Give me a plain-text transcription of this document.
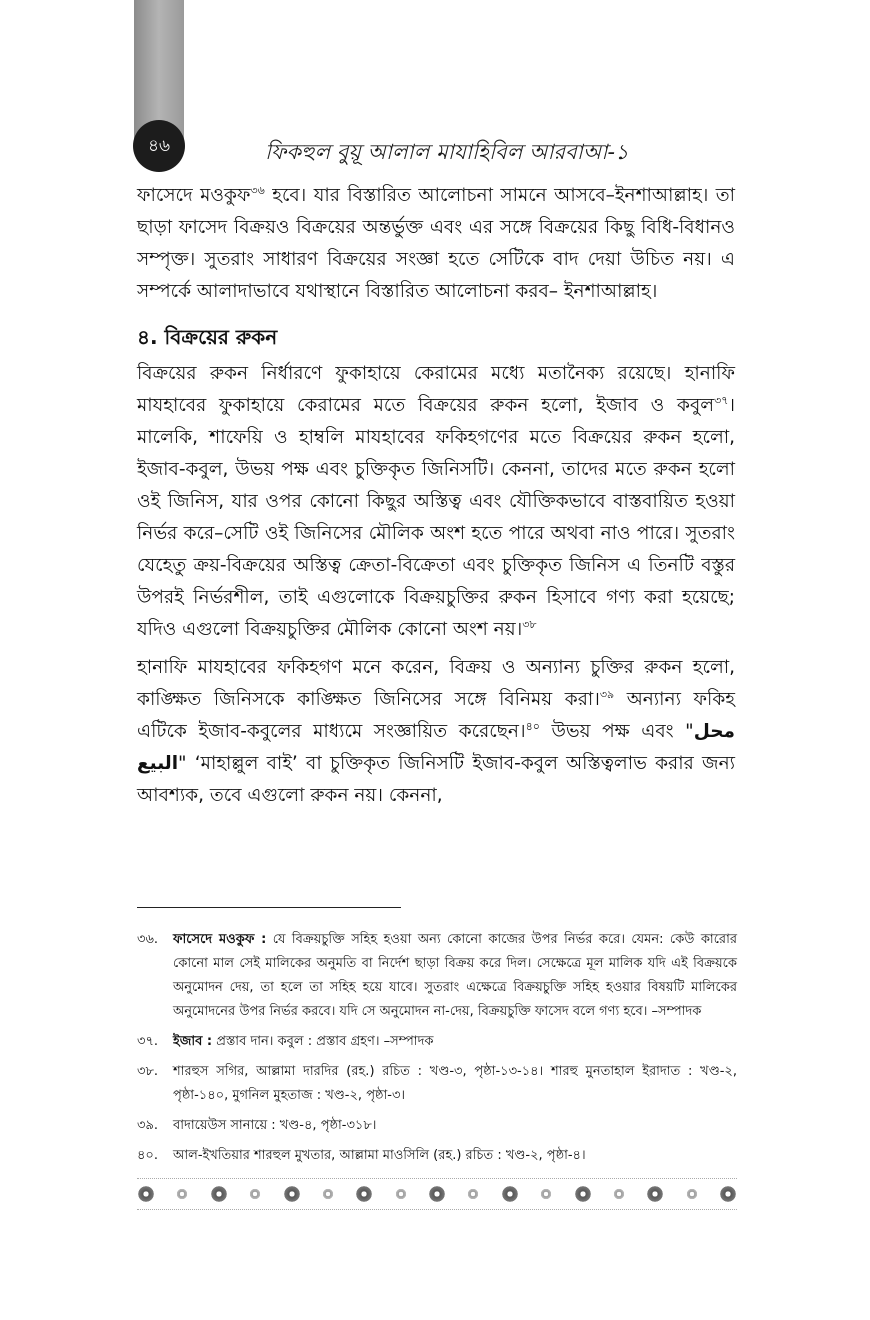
৪৬	ফিকহুল বুয়ূ আলাল মাযাহিবিল আরবাআ-১

ফাসেদে মওকুফ$^{৩৬}$ হবে। যার বিস্তারিত আলোচনা সামনে আসবে–ইনশাআল্লাহ। তা ছাড়া ফাসেদ বিক্রয়ও বিক্রয়ের অন্তর্ভুক্ত এবং এর সঙ্গে বিক্রয়ের কিছু বিধি-বিধানও সম্পৃক্ত। সুতরাং সাধারণ বিক্রয়ের সংজ্ঞা হতে সেটিকে বাদ দেয়া উচিত নয়। এ সম্পর্কে আলাদাভাবে যথাস্থানে বিস্তারিত আলোচনা করব– ইনশাআল্লাহ।

৪. বিক্রয়ের রুকন

বিক্রয়ের রুকন নির্ধারণে ফুকাহায়ে কেরামের মধ্যে মতানৈক্য রয়েছে। হানাফি মাযহাবের ফুকাহায়ে কেরামের মতে বিক্রয়ের রুকন হলো, ইজাব ও কবুল$^{৩৭}$। মালেকি, শাফেয়ি ও হাম্বলি মাযহাবের ফকিহগণের মতে বিক্রয়ের রুকন হলো, ইজাব-কবুল, উভয় পক্ষ এবং চুক্তিকৃত জিনিসটি। কেননা, তাদের মতে রুকন হলো ওই জিনিস, যার ওপর কোনো কিছুর অস্তিত্ব এবং যৌক্তিকভাবে বাস্তবায়িত হওয়া নির্ভর করে–সেটি ওই জিনিসের মৌলিক অংশ হতে পারে অথবা নাও পারে। সুতরাং যেহেতু ক্রয়-বিক্রয়ের অস্তিত্ব ক্রেতা-বিক্রেতা এবং চুক্তিকৃত জিনিস এ তিনটি বস্তুর উপরই নির্ভরশীল, তাই এগুলোকে বিক্রয়চুক্তির রুকন হিসাবে গণ্য করা হয়েছে; যদিও এগুলো বিক্রয়চুক্তির মৌলিক কোনো অংশ নয়।$^{৩৮}$

হানাফি মাযহাবের ফকিহগণ মনে করেন, বিক্রয় ও অন্যান্য চুক্তির রুকন হলো, কাঙ্ক্ষিত জিনিসকে কাঙ্ক্ষিত জিনিসের সঙ্গে বিনিময় করা।$^{৩৯}$ অন্যান্য ফকিহ এটিকে ইজাব-কবুলের মাধ্যমে সংজ্ঞায়িত করেছেন।$^{৪০}$ উভয় পক্ষ এবং "محل البيع" ‘মাহাল্লুল বাই’ বা চুক্তিকৃত জিনিসটি ইজাব-কবুল অস্তিত্বলাভ করার জন্য আবশ্যক, তবে এগুলো রুকন নয়। কেননা,

৩৬.	ফাসেদে মওকুফ : যে বিক্রয়চুক্তি সহিহ হওয়া অন্য কোনো কাজের উপর নির্ভর করে। যেমন: কেউ কারোর কোনো মাল সেই মালিকের অনুমতি বা নির্দেশ ছাড়া বিক্রয় করে দিল। সেক্ষেত্রে মূল মালিক যদি এই বিক্রয়কে অনুমোদন দেয়, তা হলে তা সহিহ হয়ে যাবে। সুতরাং এক্ষেত্রে বিক্রয়চুক্তি সহিহ হওয়ার বিষয়টি মালিকের অনুমোদনের উপর নির্ভর করবে। যদি সে অনুমোদন না-দেয়, বিক্রয়চুক্তি ফাসেদ বলে গণ্য হবে। –সম্পাদক
৩৭.	ইজাব : প্রস্তাব দান। কবুল : প্রস্তাব গ্রহণ। –সম্পাদক
৩৮.	শারহুস সগির, আল্লামা দারদির (রহ.) রচিত : খণ্ড-৩, পৃষ্ঠা-১৩-১৪। শারহু মুনতাহাল ইরাদাত : খণ্ড-২, পৃষ্ঠা-১৪০, মুগনিল মুহতাজ : খণ্ড-২, পৃষ্ঠা-৩।
৩৯.	বাদায়েউস সানায়ে : খণ্ড-৪, পৃষ্ঠা-৩১৮।
৪০.	আল-ইখতিয়ার শারহুল মুখতার, আল্লামা মাওসিলি (রহ.) রচিত : খণ্ড-২, পৃষ্ঠা-৪।
